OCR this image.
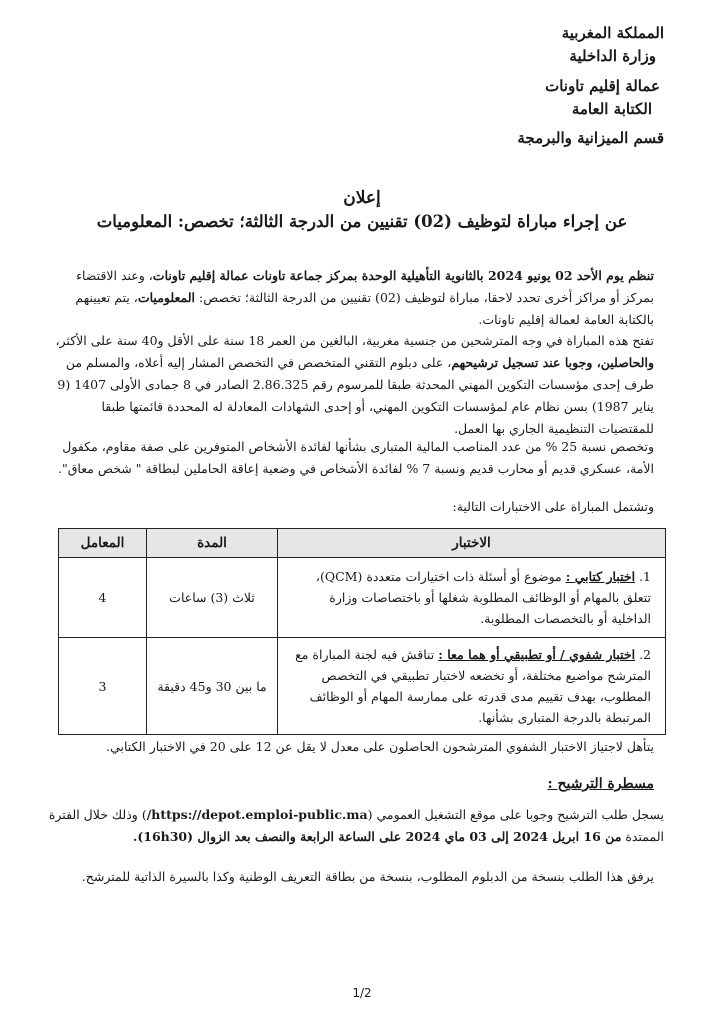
المملكة المغربية
وزارة الداخلية
عمالة إقليم تاونات
الكتابة العامة
قسم الميزانية والبرمجة
إعلان
عن إجراء مباراة لتوظيف (02) تقنيين من الدرجة الثالثة؛ تخصص: المعلوميات
تنظم يوم الأحد 02 يونيو 2024 بالثانوية التأهيلية الوحدة بمركز جماعة تاونات عمالة إقليم تاونات، وعند الاقتضاء بمركز أو مراكز أخرى تحدد لاحقا، مباراة لتوظيف (02) تقنيين من الدرجة الثالثة؛ تخصص: المعلوميات، يتم تعيينهم بالكتابة العامة لعمالة إقليم تاونات.
تفتح هذه المباراة في وجه المترشحين من جنسية مغربية، البالغين من العمر 18 سنة على الأقل و40 سنة على الأكثر، والحاصلين، وجوبا عند تسجيل ترشيحهم، على دبلوم التقني المتخصص في التخصص المشار إليه أعلاه، والمسلم من طرف إحدى مؤسسات التكوين المهني المحدثة طبقا للمرسوم رقم 2.86.325 الصادر في 8 جمادى الأولى 1407 (9 يناير 1987) بسن نظام عام لمؤسسات التكوين المهني، أو إحدى الشهادات المعادلة له المحددة قائمتها طبقا للمقتضيات التنظيمية الجاري بها العمل.
وتخصص نسبة 25 % من عدد المناصب المالية المتبارى بشأنها لفائدة الأشخاص المتوفرين على صفة مقاوم، مكفول الأمة، عسكري قديم أو محارب قديم ونسبة 7 % لفائدة الأشخاص في وضعية إعاقة الحاملين لبطاقة " شخص معاق".
وتشتمل المباراة على الاختبارات التالية:
الاختبار	المدة	المعامل
1. اختبار كتابي : موضوع أو أسئلة ذات اختيارات متعددة (QCM)، تتعلق بالمهام أو الوظائف المطلوبة شغلها أو باختصاصات وزارة الداخلية أو بالتخصصات المطلوبة.	ثلاث (3) ساعات	4
2. اختبار شفوي / أو تطبيقي أو هما معا : تناقش فيه لجنة المباراة مع المترشح مواضيع مختلفة، أو تخضعه لاختبار تطبيقي في التخصص المطلوب، بهدف تقييم مدى قدرته على ممارسة المهام أو الوظائف المرتبطة بالدرجة المتبارى بشأنها.	ما بين 30 و45 دقيقة	3
يتأهل لاجتياز الاختبار الشفوي المترشحون الحاصلون على معدل لا يقل عن 12 على 20 في الاختبار الكتابي.
مسطرة الترشيح :
يسجل طلب الترشيح وجوبا على موقع التشغيل العمومي (https://depot.emploi-public.ma/) وذلك خلال الفترة الممتدة من 16 ابريل 2024 إلى 03 ماي 2024 على الساعة الرابعة والنصف بعد الزوال (16h30).
يرفق هذا الطلب بنسخة من الدبلوم المطلوب، بنسخة من بطاقة التعريف الوطنية وكذا بالسيرة الذاتية للمترشح.
1/2
